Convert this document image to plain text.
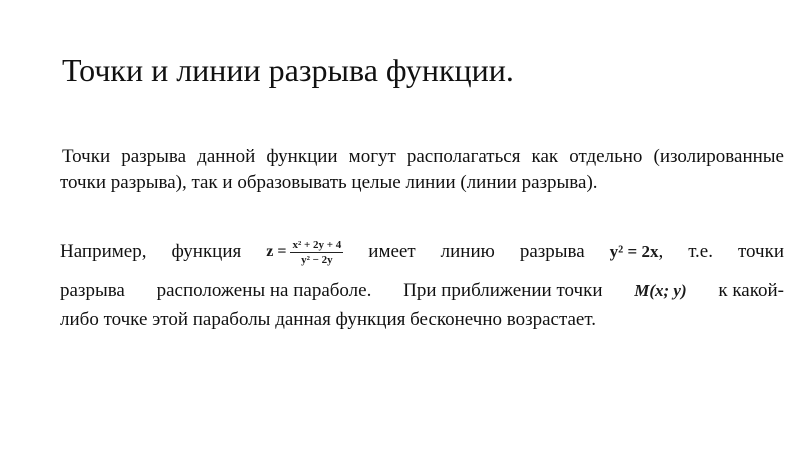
Точки и линии разрыва функции.
Точки разрыва данной функции могут располагаться как отдельно (изолированные точки разрыва), так и образовывать целые линии (линии разрыва).
Например, функция $z = \frac{\text{x² + 2y + 4}}{\text{y² − 2y}}$ имеет линию разрыва y² = 2x , т.е. точки
разрыва расположены на параболе. При приближении точки M(x; y) к какой-
либо точке этой параболы данная функция бесконечно возрастает.
